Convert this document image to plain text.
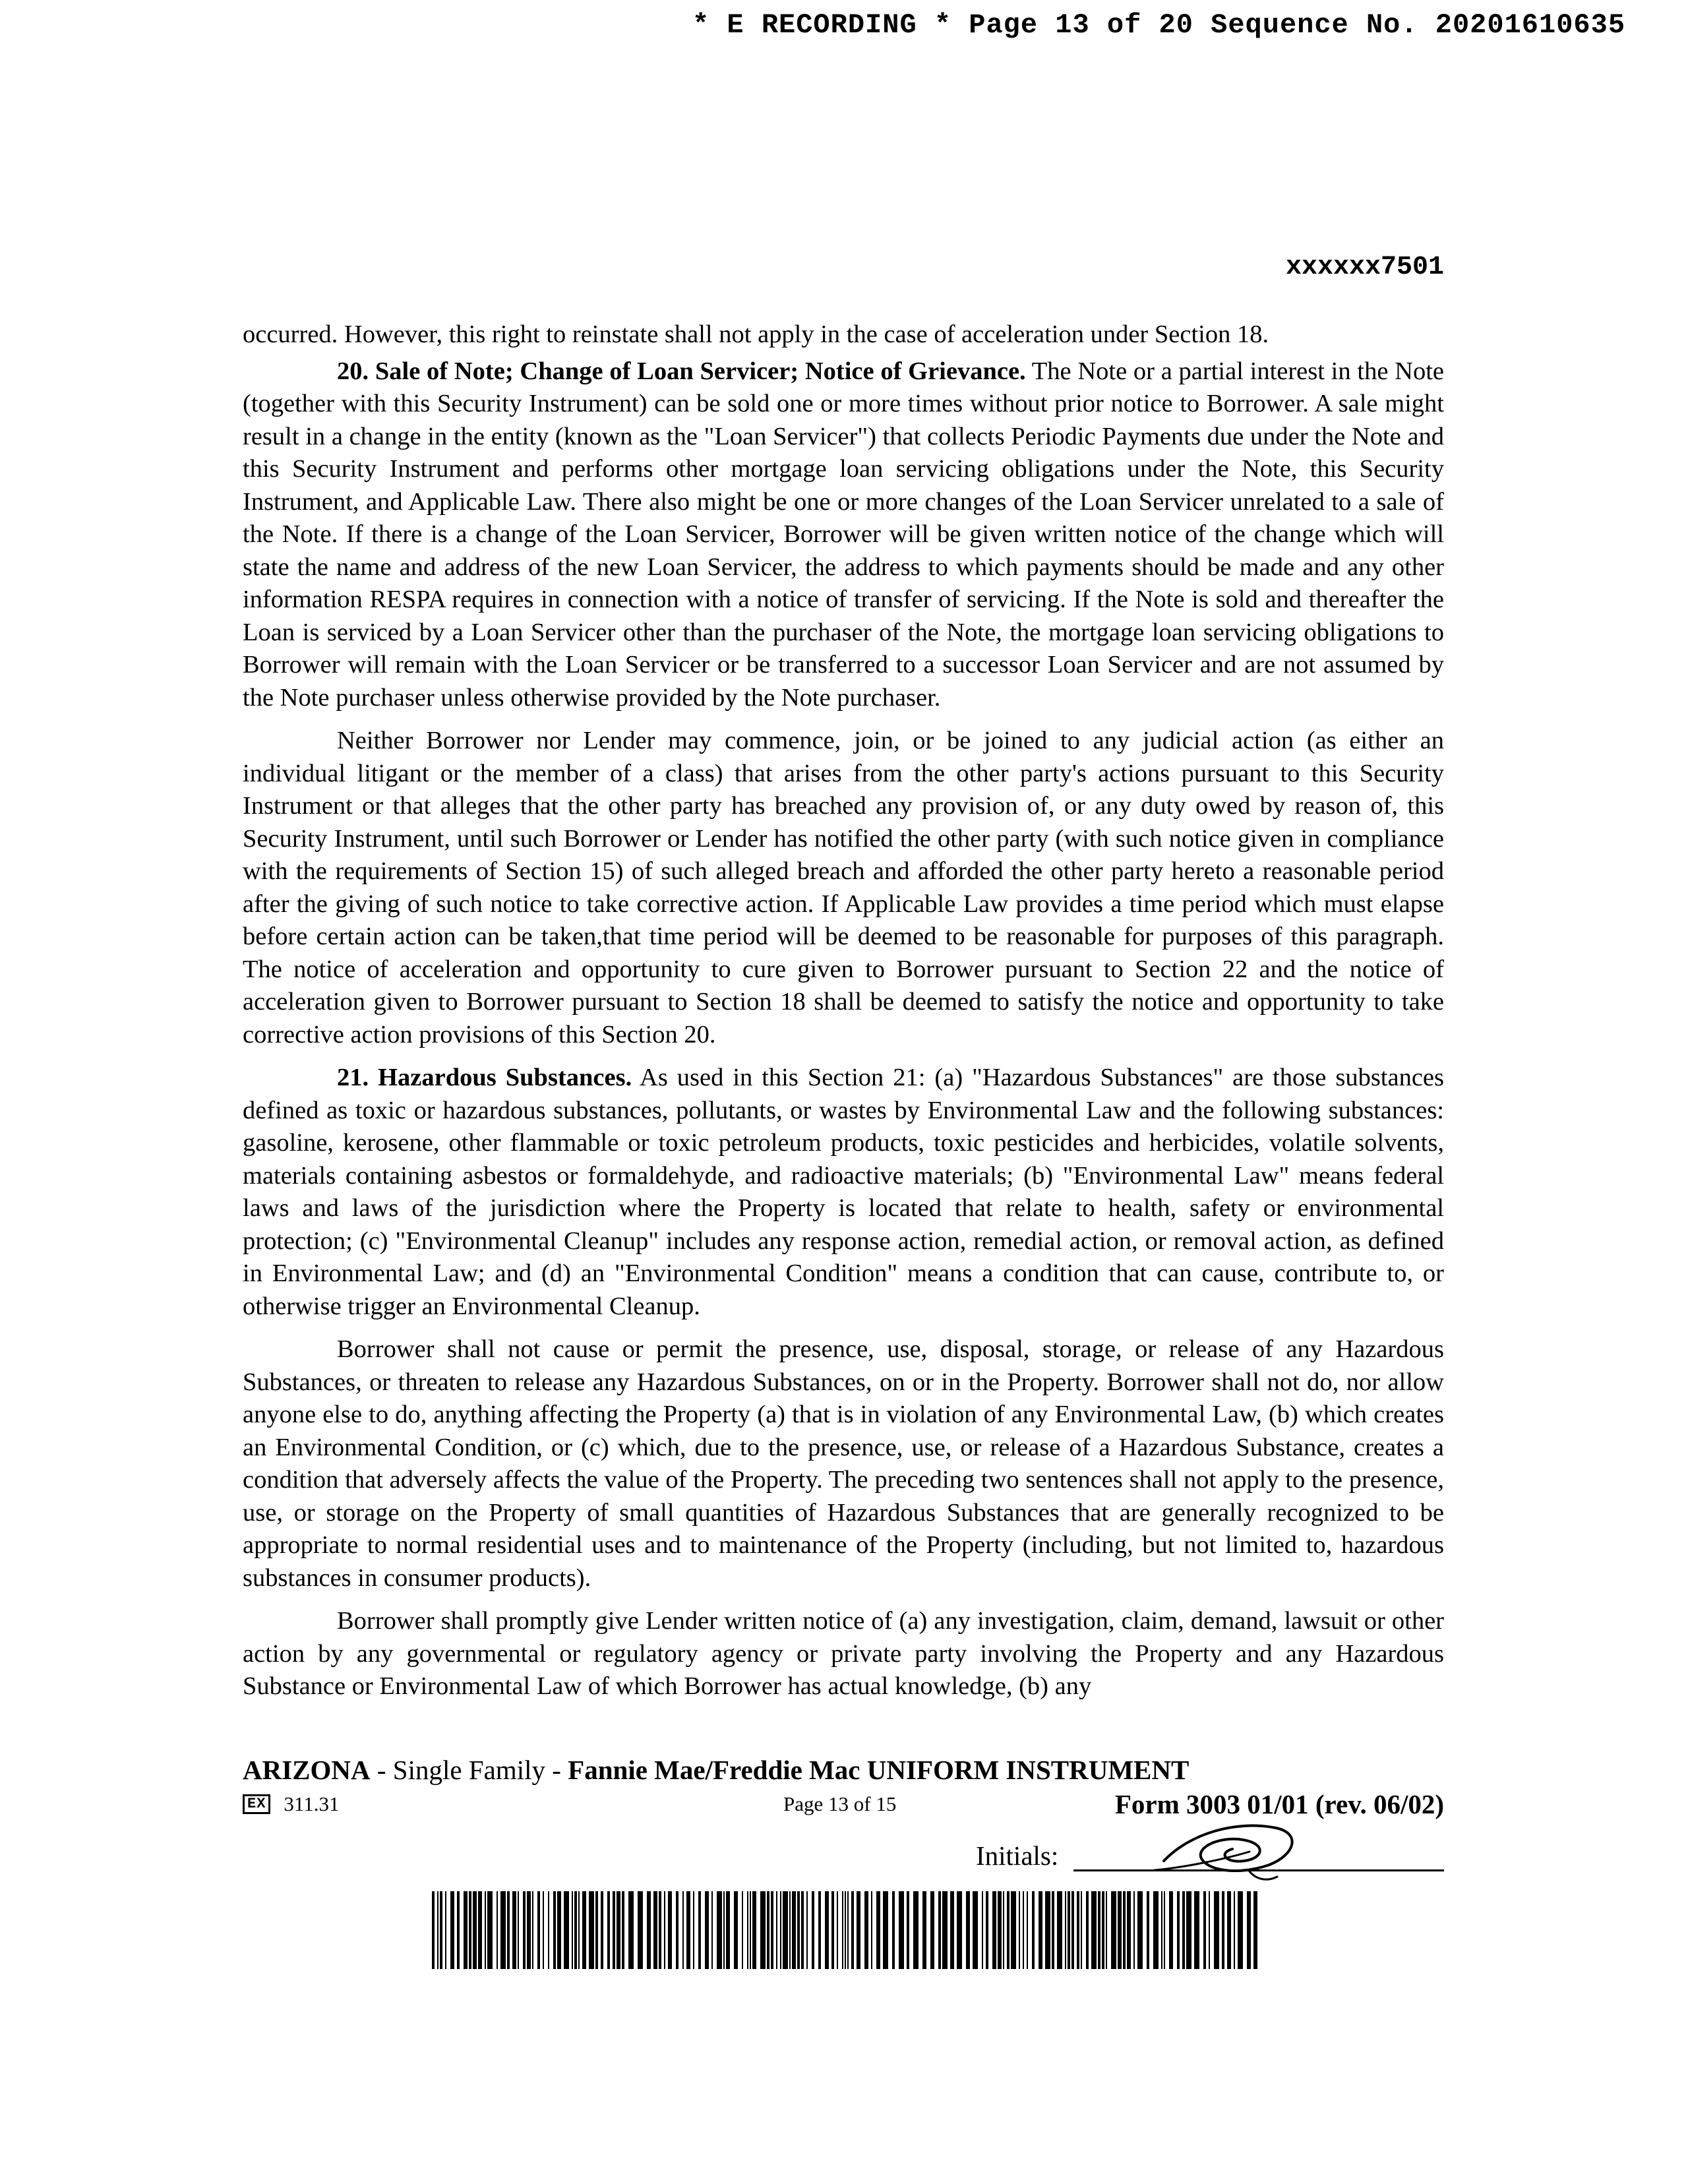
* E RECORDING * Page 13 of 20 Sequence No. 20201610635
xxxxxx7501

occurred. However, this right to reinstate shall not apply in the case of acceleration under Section 18.

20. Sale of Note; Change of Loan Servicer; Notice of Grievance. The Note or a partial interest in the Note (together with this Security Instrument) can be sold one or more times without prior notice to Borrower. A sale might result in a change in the entity (known as the "Loan Servicer") that collects Periodic Payments due under the Note and this Security Instrument and performs other mortgage loan servicing obligations under the Note, this Security Instrument, and Applicable Law. There also might be one or more changes of the Loan Servicer unrelated to a sale of the Note. If there is a change of the Loan Servicer, Borrower will be given written notice of the change which will state the name and address of the new Loan Servicer, the address to which payments should be made and any other information RESPA requires in connection with a notice of transfer of servicing. If the Note is sold and thereafter the Loan is serviced by a Loan Servicer other than the purchaser of the Note, the mortgage loan servicing obligations to Borrower will remain with the Loan Servicer or be transferred to a successor Loan Servicer and are not assumed by the Note purchaser unless otherwise provided by the Note purchaser.

Neither Borrower nor Lender may commence, join, or be joined to any judicial action (as either an individual litigant or the member of a class) that arises from the other party's actions pursuant to this Security Instrument or that alleges that the other party has breached any provision of, or any duty owed by reason of, this Security Instrument, until such Borrower or Lender has notified the other party (with such notice given in compliance with the requirements of Section 15) of such alleged breach and afforded the other party hereto a reasonable period after the giving of such notice to take corrective action. If Applicable Law provides a time period which must elapse before certain action can be taken,that time period will be deemed to be reasonable for purposes of this paragraph. The notice of acceleration and opportunity to cure given to Borrower pursuant to Section 22 and the notice of acceleration given to Borrower pursuant to Section 18 shall be deemed to satisfy the notice and opportunity to take corrective action provisions of this Section 20.

21. Hazardous Substances. As used in this Section 21: (a) "Hazardous Substances" are those substances defined as toxic or hazardous substances, pollutants, or wastes by Environmental Law and the following substances: gasoline, kerosene, other flammable or toxic petroleum products, toxic pesticides and herbicides, volatile solvents, materials containing asbestos or formaldehyde, and radioactive materials; (b) "Environmental Law" means federal laws and laws of the jurisdiction where the Property is located that relate to health, safety or environmental protection; (c) "Environmental Cleanup" includes any response action, remedial action, or removal action, as defined in Environmental Law; and (d) an "Environmental Condition" means a condition that can cause, contribute to, or otherwise trigger an Environmental Cleanup.

Borrower shall not cause or permit the presence, use, disposal, storage, or release of any Hazardous Substances, or threaten to release any Hazardous Substances, on or in the Property. Borrower shall not do, nor allow anyone else to do, anything affecting the Property (a) that is in violation of any Environmental Law, (b) which creates an Environmental Condition, or (c) which, due to the presence, use, or release of a Hazardous Substance, creates a condition that adversely affects the value of the Property. The preceding two sentences shall not apply to the presence, use, or storage on the Property of small quantities of Hazardous Substances that are generally recognized to be appropriate to normal residential uses and to maintenance of the Property (including, but not limited to, hazardous substances in consumer products).

Borrower shall promptly give Lender written notice of (a) any investigation, claim, demand, lawsuit or other action by any governmental or regulatory agency or private party involving the Property and any Hazardous Substance or Environmental Law of which Borrower has actual knowledge, (b) any

ARIZONA - Single Family - Fannie Mae/Freddie Mac UNIFORM INSTRUMENT
EX 311.31	Page 13 of 15	Form 3003 01/01 (rev. 06/02)
Initials:
